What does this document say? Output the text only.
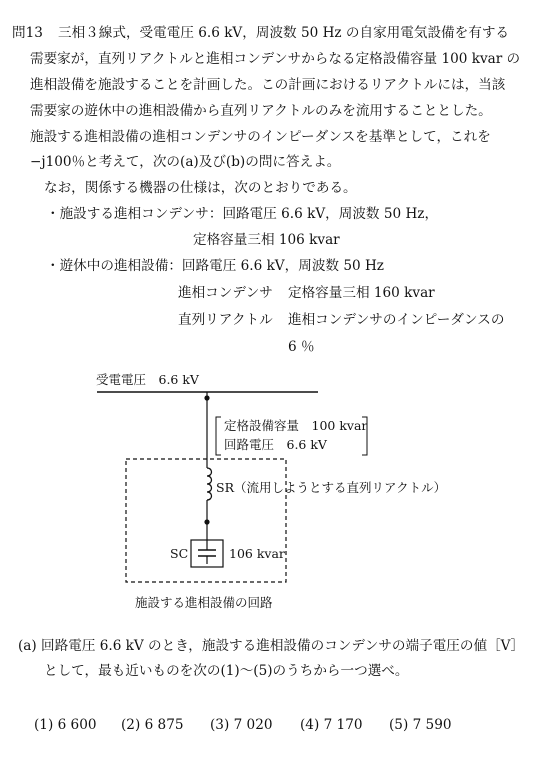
問13 三相３線式，受電電圧 6.6 kV，周波数 50 Hz の自家用電気設備を有する
需要家が，直列リアクトルと進相コンデンサからなる定格設備容量 100 kvar の
進相設備を施設することを計画した。この計画におけるリアクトルには，当該
需要家の遊休中の進相設備から直列リアクトルのみを流用することとした。
施設する進相設備の進相コンデンサのインピーダンスを基準として，これを
−j100％と考えて，次の(a)及び(b)の問に答えよ。
なお，関係する機器の仕様は，次のとおりである。
・施設する進相コンデンサ：回路電圧 6.6 kV，周波数 50 Hz，
定格容量三相 106 kvar
・遊休中の進相設備：回路電圧 6.6 kV，周波数 50 Hz
進相コンデンサ 定格容量三相 160 kvar
直列リアクトル 進相コンデンサのインピーダンスの
6 ％
受電電圧　6.6 kV
定格設備容量　100 kvar
回路電圧　6.6 kV
SR（流用しようとする直列リアクトル）
SC	106 kvar
施設する進相設備の回路
(a) 回路電圧 6.6 kV のとき，施設する進相設備のコンデンサの端子電圧の値［V］
として，最も近いものを次の(1)〜(5)のうちから一つ選べ。
(1) 6 600 (2) 6 875 (3) 7 020 (4) 7 170 (5) 7 590
